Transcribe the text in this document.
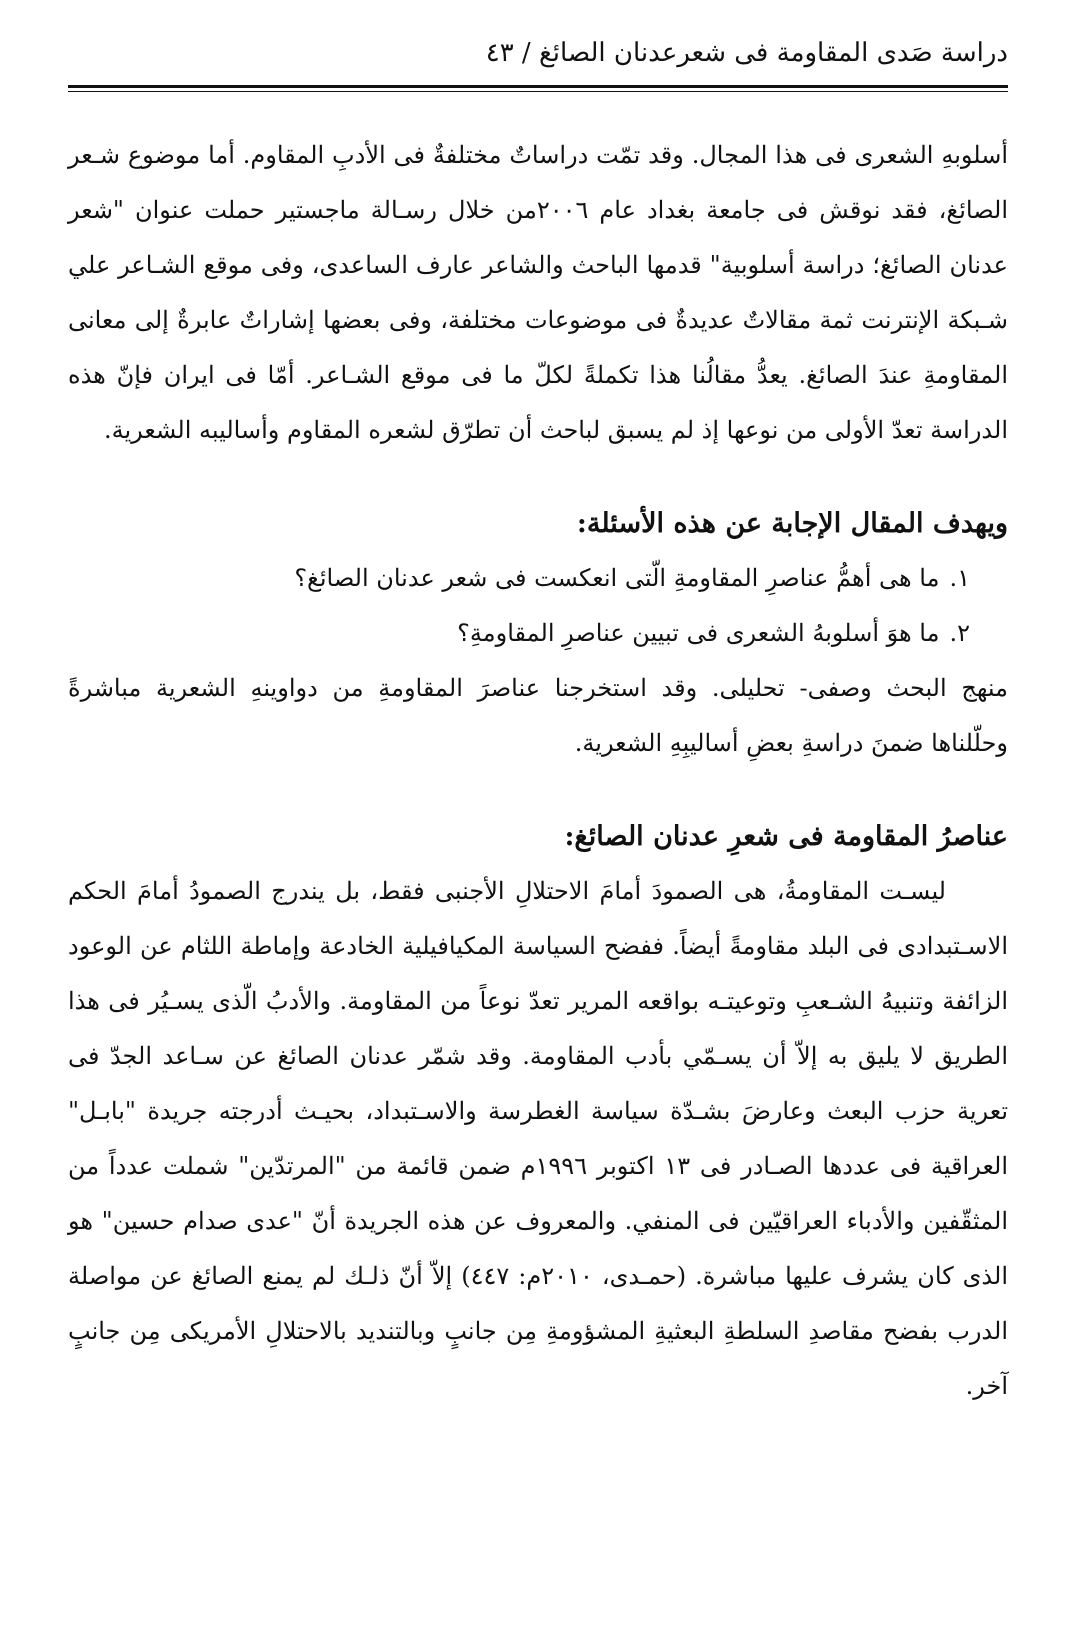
دراسة صَدى المقاومة فى شعرعدنان الصائغ / ٤٣

أسلوبهِ الشعرى فى هذا المجال. وقد تمّت دراساتٌ مختلفةٌ فى الأدبِ المقاوم. أما موضوع شـعر الصائغ، فقد نوقش فى جامعة بغداد عام ٢٠٠٦من خلال رسـالة ماجستير حملت عنوان "شعر عدنان الصائغ؛ دراسة أسلوبية" قدمها الباحث والشاعر عارف الساعدى، وفى موقع الشـاعر علي شـبكة الإنترنت ثمة مقالاتٌ عديدةٌ فى موضوعات مختلفة، وفى بعضها إشاراتٌ عابرةٌ إلى معانى المقاومةِ عندَ الصائغ. يعدُّ مقالُنا هذا تكملةً لكلّ ما فى موقع الشـاعر. أمّا فى ايران فإنّ هذه الدراسة تعدّ الأولى من نوعها إذ لم يسبق لباحث أن تطرّق لشعره المقاوم وأساليبه الشعرية.

ويهدف المقال الإجابة عن هذه الأسئلة:

١.ما هى أهمُّ عناصرِ المقاومةِ الّتى انعكست فى شعر عدنان الصائغ؟
٢.ما هوَ أسلوبهُ الشعرى فى تبيين عناصرِ المقاومةِ؟

منهج البحث وصفى- تحليلى. وقد استخرجنا عناصرَ المقاومةِ من دواوينهِ الشعرية مباشرةً وحلّلناها ضمنَ دراسةِ بعضِ أساليبِهِ الشعرية.

عناصرُ المقاومة فى شعرِ عدنان الصائغ:

ليسـت المقاومةُ، هى الصمودَ أمامَ الاحتلالِ الأجنبى فقط، بل يندرج الصمودُ أمامَ الحكم الاسـتبدادى فى البلد مقاومةً أيضاً. ففضح السياسة المكيافيلية الخادعة وإماطة اللثام عن الوعود الزائفة وتنبيهُ الشـعبِ وتوعيتـه بواقعه المرير تعدّ نوعاً من المقاومة. والأدبُ الّذى يسـيُر فى هذا الطريق لا يليق به إلاّ أن يسـمّي بأدب المقاومة. وقد شمّر عدنان الصائغ عن سـاعد الجدّ فى تعرية حزب البعث وعارضَ بشـدّة سياسة الغطرسة والاسـتبداد، بحيـث أدرجته جريدة "بابـل" العراقية فى عددها الصـادر فى ١٣ اكتوبر ١٩٩٦م ضمن قائمة من "المرتدّين" شملت عدداً من المثقّفين والأدباء العراقيّين فى المنفي. والمعروف عن هذه الجريدة أنّ "عدى صدام حسين" هو الذى كان يشرف عليها مباشرة. (حمـدى، ٢٠١٠م: ٤٤٧) إلاّ أنّ ذلـك لم يمنع الصائغ عن مواصلة الدرب بفضح مقاصدِ السلطةِ البعثيةِ المشؤومةِ مِن جانبٍ وبالتنديد بالاحتلالِ الأمريكى مِن جانبٍ آخر.
